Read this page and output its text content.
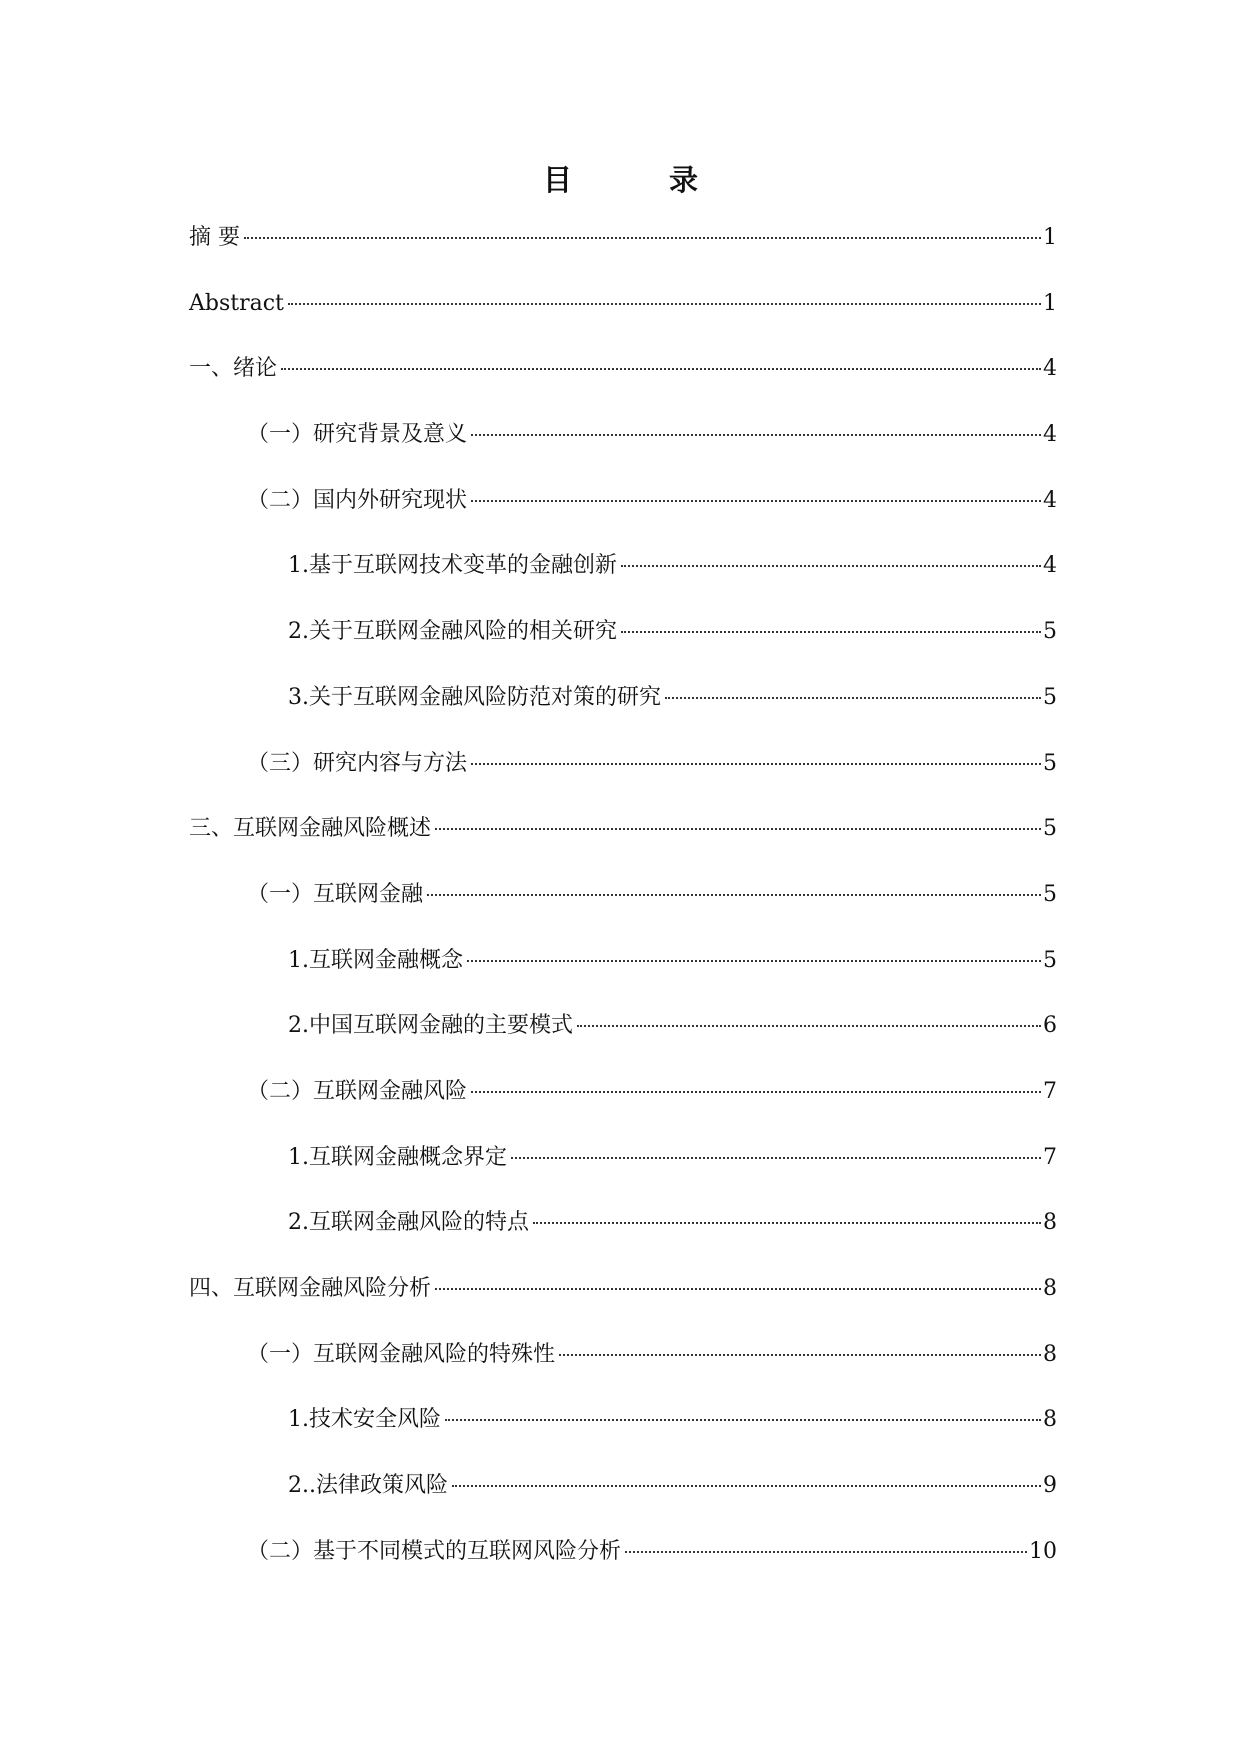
目　录
摘 要	1
Abstract	1
一、绪论	4
（一）研究背景及意义	4
（二）国内外研究现状	4
1.基于互联网技术变革的金融创新	4
2.关于互联网金融风险的相关研究	5
3.关于互联网金融风险防范对策的研究	5
（三）研究内容与方法	5
三、互联网金融风险概述	5
（一）互联网金融	5
1.互联网金融概念	5
2.中国互联网金融的主要模式	6
（二）互联网金融风险	7
1.互联网金融概念界定	7
2.互联网金融风险的特点	8
四、互联网金融风险分析	8
（一）互联网金融风险的特殊性	8
1.技术安全风险	8
2..法律政策风险	9
（二）基于不同模式的互联网风险分析	10
